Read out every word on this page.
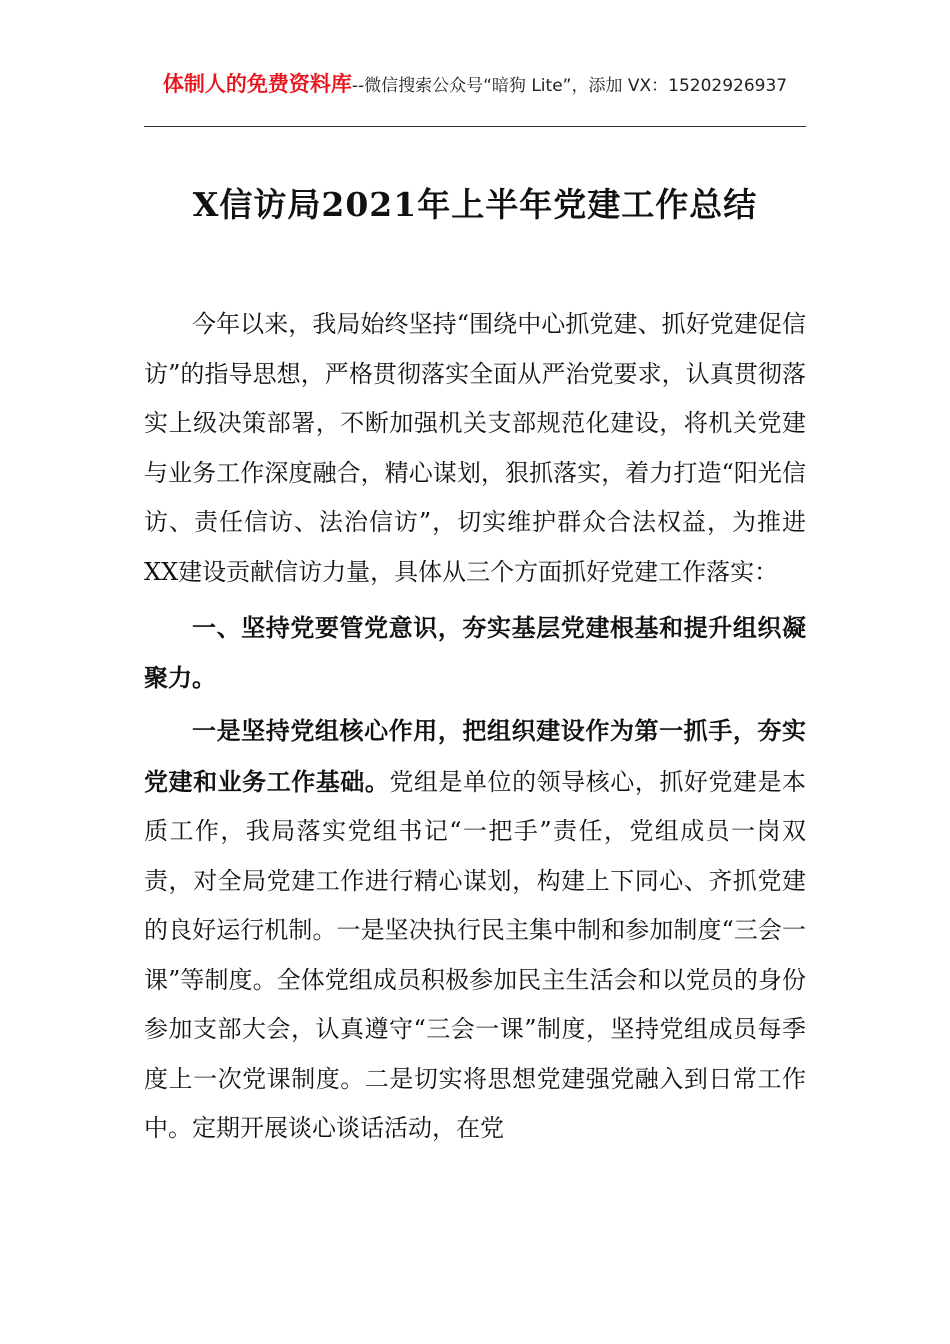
体制人的免费资料库--微信搜索公众号“暗狗 Lite”，添加 VX：15202926937
X信访局2021年上半年党建工作总结

今年以来，我局始终坚持“围绕中心抓党建、抓好党建促信访”的指导思想，严格贯彻落实全面从严治党要求，认真贯彻落实上级决策部署，不断加强机关支部规范化建设，将机关党建与业务工作深度融合，精心谋划，狠抓落实，着力打造“阳光信访、责任信访、法治信访”，切实维护群众合法权益，为推进XX建设贡献信访力量，具体从三个方面抓好党建工作落实：

一、坚持党要管党意识，夯实基层党建根基和提升组织凝聚力。

一是坚持党组核心作用，把组织建设作为第一抓手，夯实党建和业务工作基础。党组是单位的领导核心，抓好党建是本质工作，我局落实党组书记“一把手”责任，党组成员一岗双责，对全局党建工作进行精心谋划，构建上下同心、齐抓党建的良好运行机制。一是坚决执行民主集中制和参加制度“三会一课”等制度。全体党组成员积极参加民主生活会和以党员的身份参加支部大会，认真遵守“三会一课”制度，坚持党组成员每季度上一次党课制度。二是切实将思想党建强党融入到日常工作中。定期开展谈心谈话活动，在党
